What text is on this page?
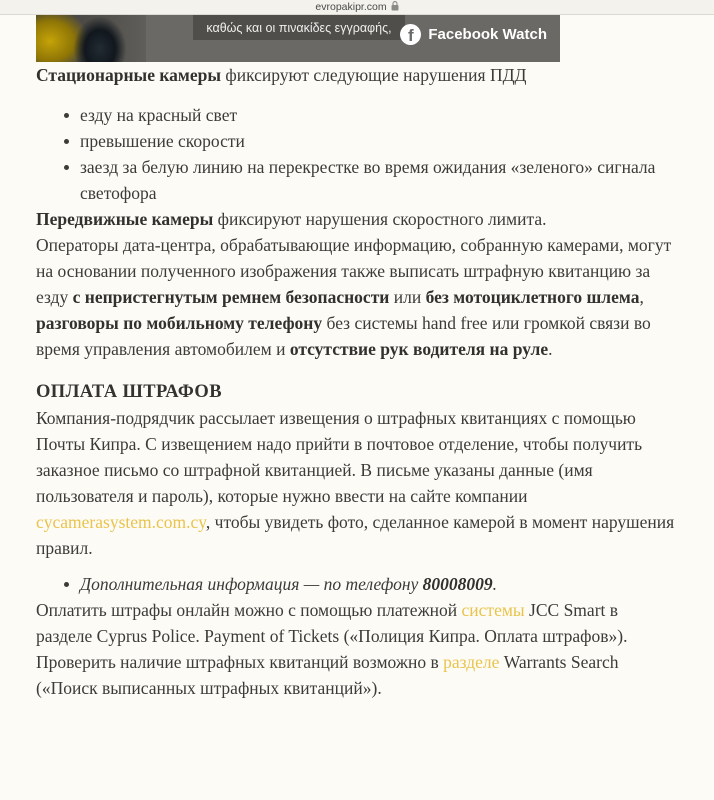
evropakipr.com
καθώς και οι πινακίδες εγγραφής, f Facebook Watch

Стационарные камеры фиксируют следующие нарушения ПДД

езду на красный свет
превышение скорости
заезд за белую линию на перекрестке во время ожидания «зеленого» сигнала светофора

Передвижные камеры фиксируют нарушения скоростного лимита.

Операторы дата-центра, обрабатывающие информацию, собранную камерами, могут на основании полученного изображения также выписать штрафную квитанцию за езду с непристегнутым ремнем безопасности или без мотоциклетного шлема, разговоры по мобильному телефону без системы hand free или громкой связи во время управления автомобилем и отсутствие рук водителя на руле.

ОПЛАТА ШТРАФОВ

Компания-подрядчик рассылает извещения о штрафных квитанциях с помощью Почты Кипра. С извещением надо прийти в почтовое отделение, чтобы получить заказное письмо со штрафной квитанцией. В письме указаны данные (имя пользователя и пароль), которые нужно ввести на сайте компании cycamerasystem.com.cy, чтобы увидеть фото, сделанное камерой в момент нарушения правил.

Дополнительная информация — по телефону 80008009.

Оплатить штрафы онлайн можно с помощью платежной системы JCC Smart в разделе Cyprus Police. Payment of Tickets («Полиция Кипра. Оплата штрафов»). Проверить наличие штрафных квитанций возможно в разделе Warrants Search («Поиск выписанных штрафных квитанций»).
